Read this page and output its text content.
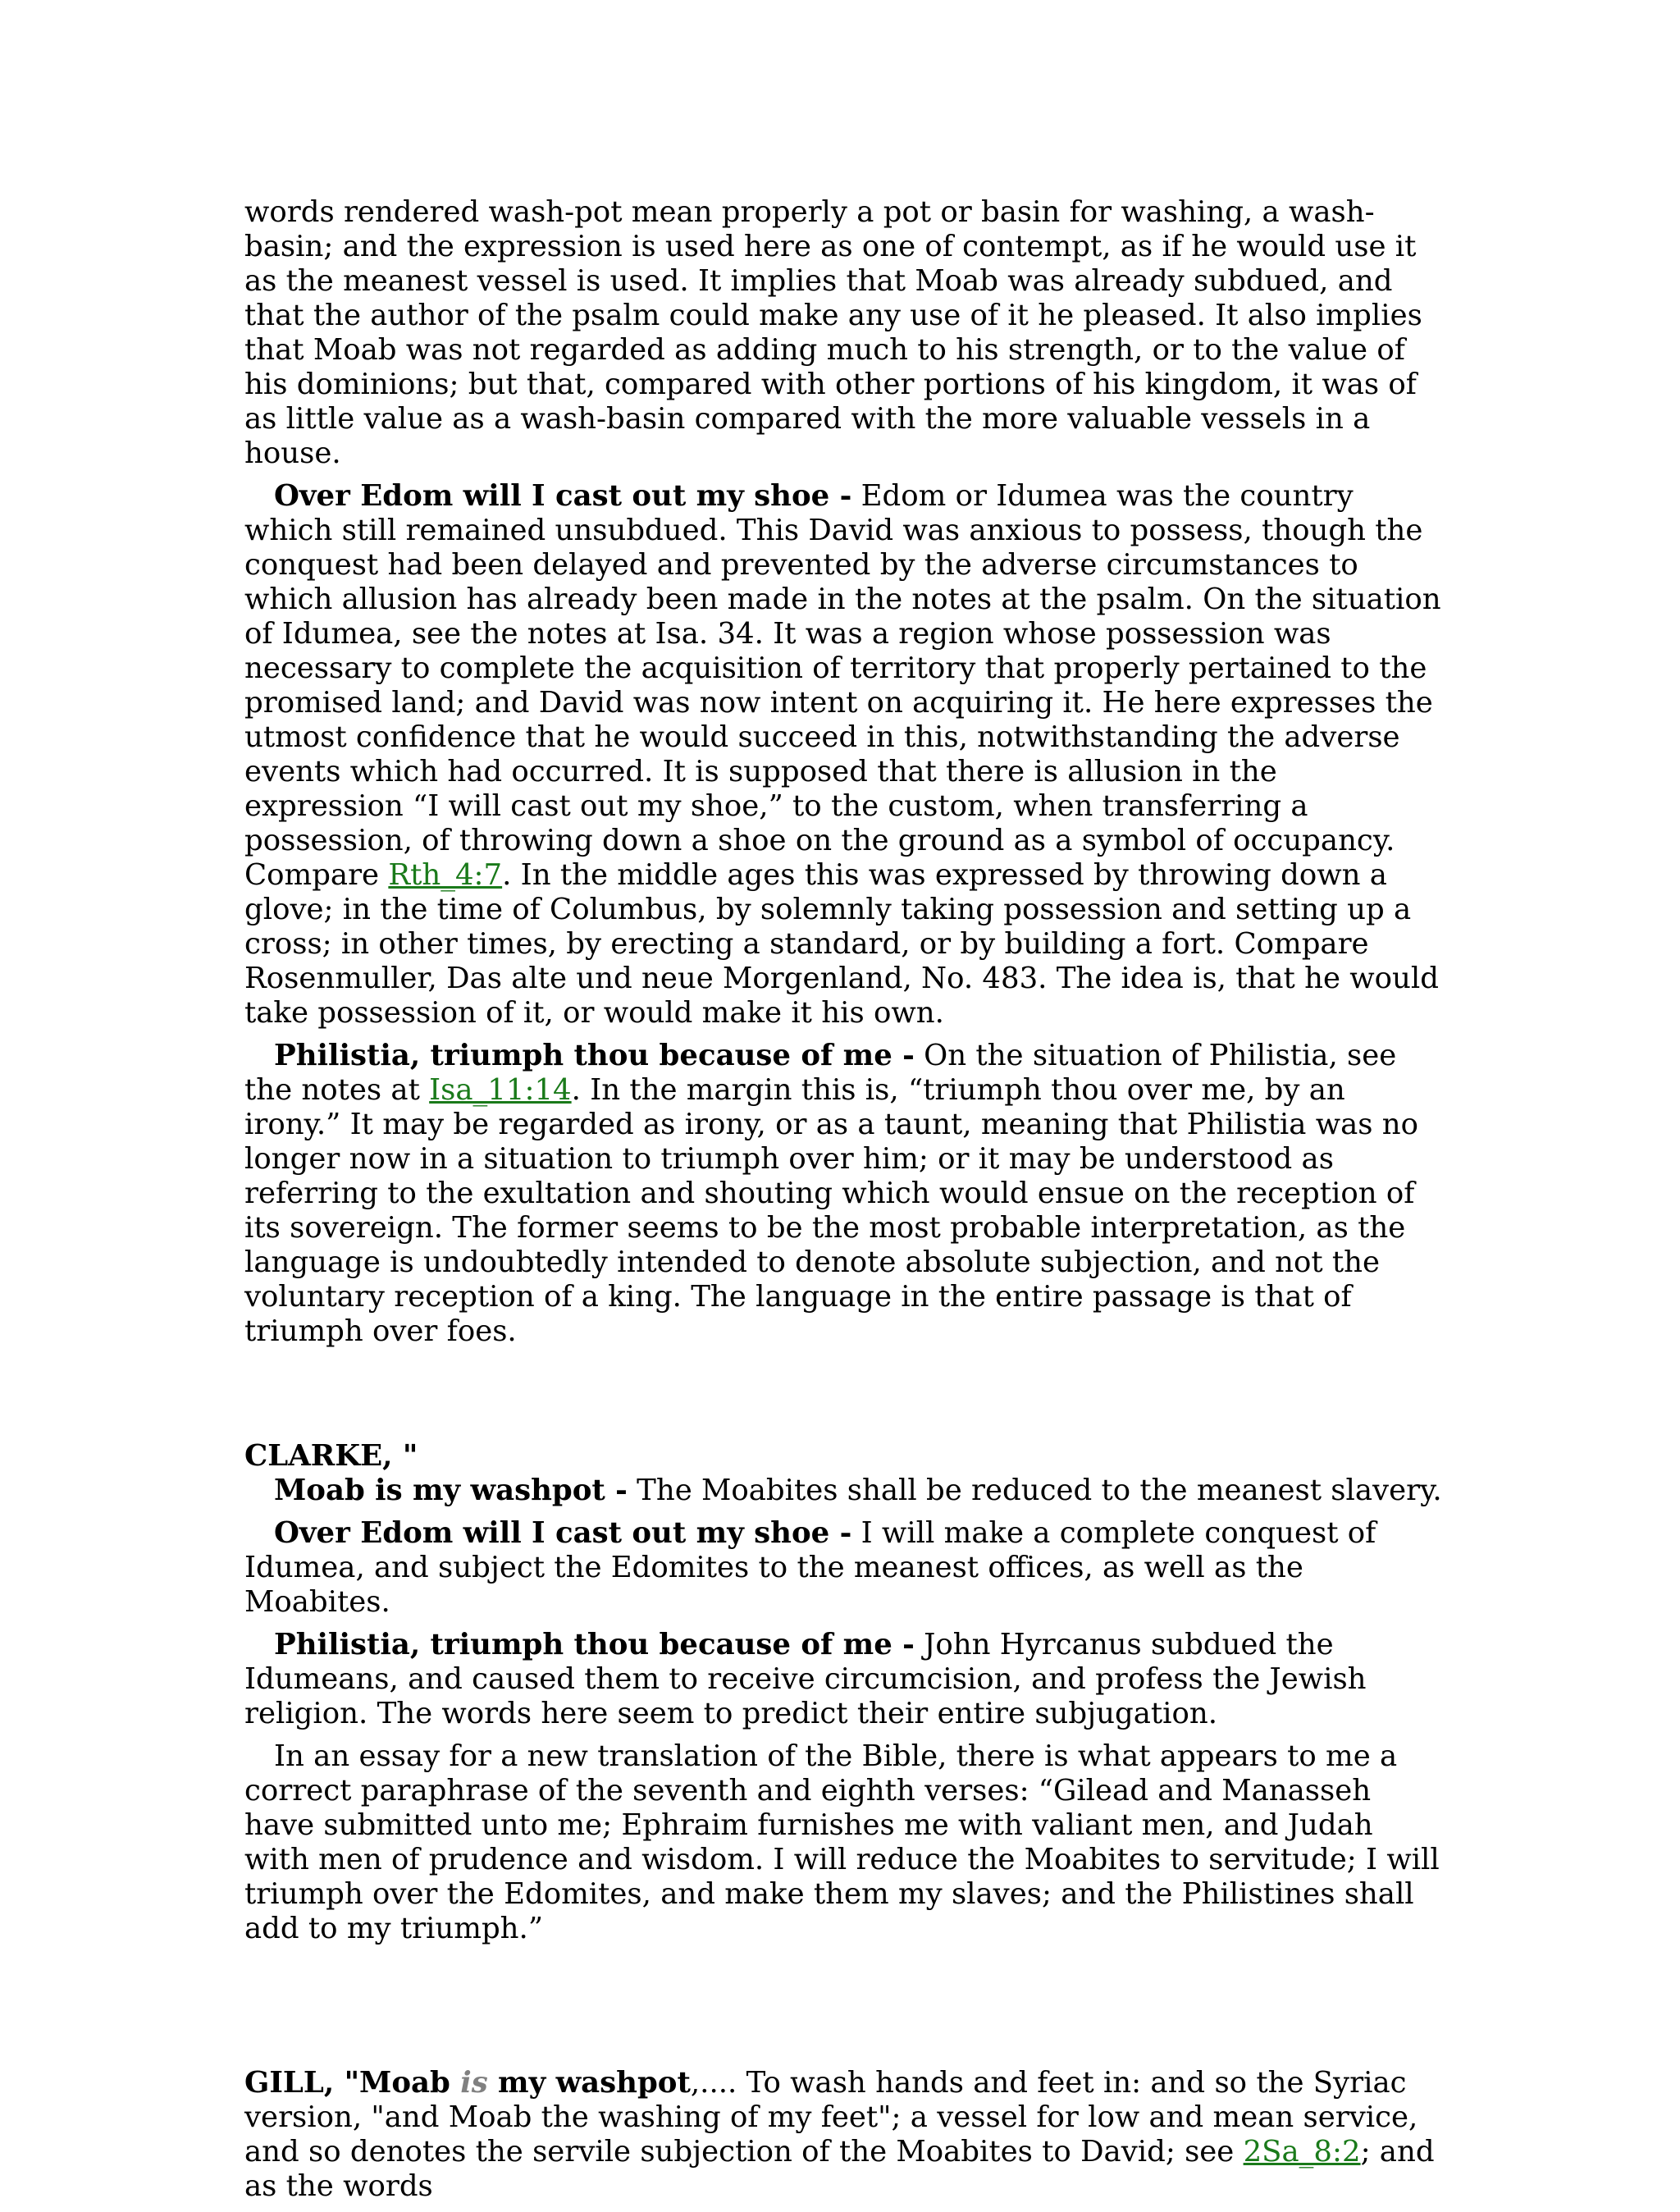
words rendered wash-pot mean properly a pot or basin for washing, a wash-basin; and the expression is used here as one of contempt, as if he would use it as the meanest vessel is used. It implies that Moab was already subdued, and that the author of the psalm could make any use of it he pleased. It also implies that Moab was not regarded as adding much to his strength, or to the value of his dominions; but that, compared with other portions of his kingdom, it was of as little value as a wash-basin compared with the more valuable vessels in a house.

Over Edom will I cast out my shoe - Edom or Idumea was the country which still remained unsubdued. This David was anxious to possess, though the conquest had been delayed and prevented by the adverse circumstances to which allusion has already been made in the notes at the psalm. On the situation of Idumea, see the notes at Isa. 34. It was a region whose possession was necessary to complete the acquisition of territory that properly pertained to the promised land; and David was now intent on acquiring it. He here expresses the utmost confidence that he would succeed in this, notwithstanding the adverse events which had occurred. It is supposed that there is allusion in the expression “I will cast out my shoe,” to the custom, when transferring a possession, of throwing down a shoe on the ground as a symbol of occupancy. Compare Rth_4:7. In the middle ages this was expressed by throwing down a glove; in the time of Columbus, by solemnly taking possession and setting up a cross; in other times, by erecting a standard, or by building a fort. Compare Rosenmuller, Das alte und neue Morgenland, No. 483. The idea is, that he would take possession of it, or would make it his own.

Philistia, triumph thou because of me - On the situation of Philistia, see the notes at Isa_11:14. In the margin this is, “triumph thou over me, by an irony.” It may be regarded as irony, or as a taunt, meaning that Philistia was no longer now in a situation to triumph over him; or it may be understood as referring to the exultation and shouting which would ensue on the reception of its sovereign. The former seems to be the most probable interpretation, as the language is undoubtedly intended to denote absolute subjection, and not the voluntary reception of a king. The language in the entire passage is that of triumph over foes.

CLARKE, "

Moab is my washpot - The Moabites shall be reduced to the meanest slavery.

Over Edom will I cast out my shoe - I will make a complete conquest of Idumea, and subject the Edomites to the meanest offices, as well as the Moabites.

Philistia, triumph thou because of me - John Hyrcanus subdued the Idumeans, and caused them to receive circumcision, and profess the Jewish religion. The words here seem to predict their entire subjugation.

In an essay for a new translation of the Bible, there is what appears to me a correct paraphrase of the seventh and eighth verses: “Gilead and Manasseh have submitted unto me; Ephraim furnishes me with valiant men, and Judah with men of prudence and wisdom. I will reduce the Moabites to servitude; I will triumph over the Edomites, and make them my slaves; and the Philistines shall add to my triumph.”

GILL, "Moab is my washpot,.... To wash hands and feet in: and so the Syriac version, "and Moab the washing of my feet"; a vessel for low and mean service, and so denotes the servile subjection of the Moabites to David; see 2Sa_8:2; and as the words
